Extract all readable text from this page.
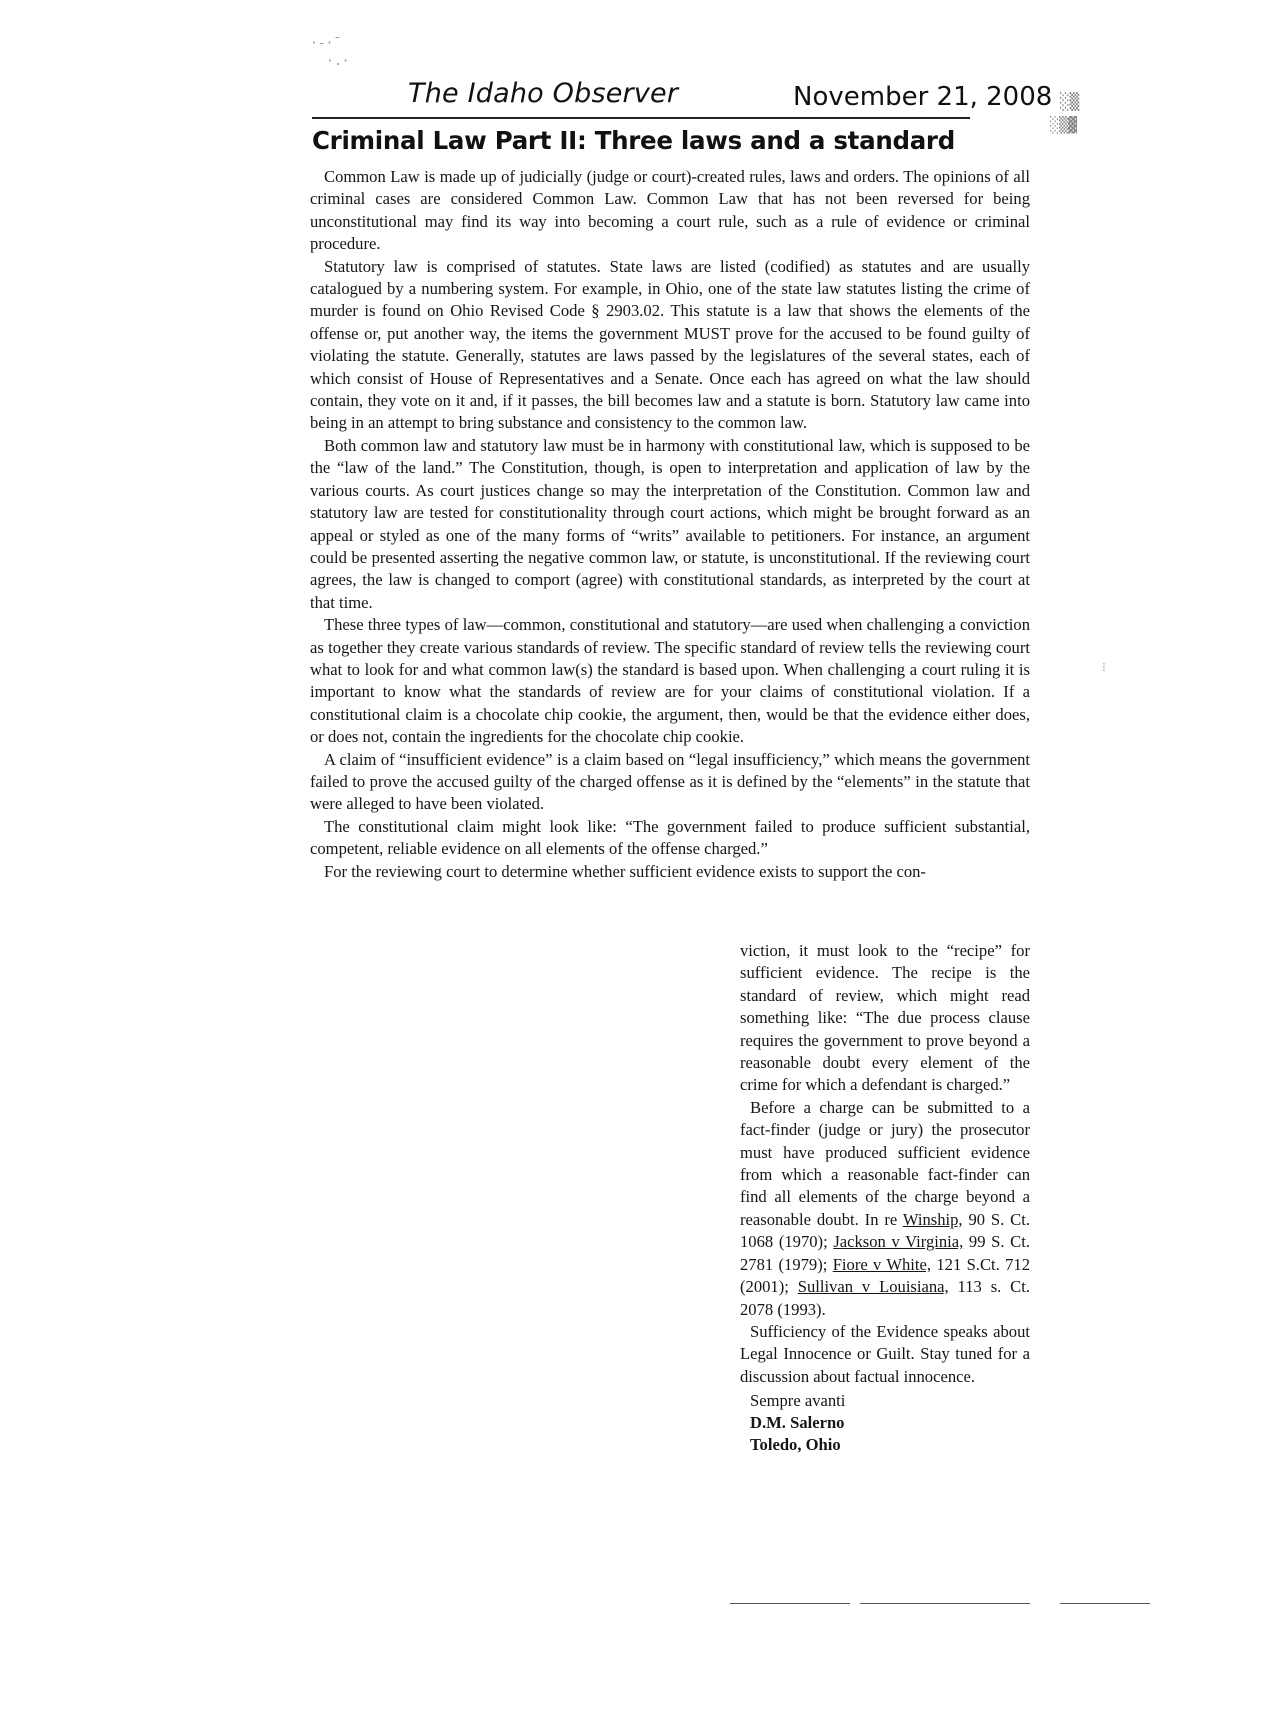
·‐·ˉ
·.·
░▒
░▒▓
⁝
The Idaho Observer	November 21, 2008
Criminal Law Part II: Three laws and a standard

Common Law is made up of judicially (judge or court)-created rules, laws and orders. The opinions of all criminal cases are considered Common Law. Common Law that has not been reversed for being unconstitutional may find its way into becoming a court rule, such as a rule of evidence or criminal procedure.

Statutory law is comprised of statutes. State laws are listed (codified) as statutes and are usually catalogued by a numbering system. For example, in Ohio, one of the state law statutes listing the crime of murder is found on Ohio Revised Code § 2903.02. This statute is a law that shows the elements of the offense or, put another way, the items the government MUST prove for the accused to be found guilty of violating the statute. Generally, statutes are laws passed by the legislatures of the several states, each of which consist of House of Representatives and a Senate. Once each has agreed on what the law should contain, they vote on it and, if it passes, the bill becomes law and a statute is born. Statutory law came into being in an attempt to bring substance and consistency to the common law.

Both common law and statutory law must be in harmony with constitutional law, which is supposed to be the “law of the land.” The Constitution, though, is open to interpretation and application of law by the various courts. As court justices change so may the interpretation of the Constitution. Common law and statutory law are tested for constitutionality through court actions, which might be brought forward as an appeal or styled as one of the many forms of “writs” available to petitioners. For instance, an argument could be presented asserting the negative common law, or statute, is unconstitutional. If the reviewing court agrees, the law is changed to comport (agree) with constitutional standards, as interpreted by the court at that time.

These three types of law—common, constitutional and statutory—are used when challenging a conviction as together they create various standards of review. The specific standard of review tells the reviewing court what to look for and what common law(s) the standard is based upon. When challenging a court ruling it is important to know what the standards of review are for your claims of constitutional violation. If a constitutional claim is a chocolate chip cookie, the argument, then, would be that the evidence either does, or does not, contain the ingredients for the chocolate chip cookie.

A claim of “insufficient evidence” is a claim based on “legal insufficiency,” which means the government failed to prove the accused guilty of the charged offense as it is defined by the “elements” in the statute that were alleged to have been violated.

The constitutional claim might look like: “The government failed to produce sufficient substantial, competent, reliable evidence on all elements of the offense charged.”

For the reviewing court to determine whether sufficient evidence exists to support the con-

viction, it must look to the “recipe” for sufficient evidence. The recipe is the standard of review, which might read something like: “The due process clause requires the government to prove beyond a reasonable doubt every element of the crime for which a defendant is charged.”

Before a charge can be submitted to a fact-finder (judge or jury) the prosecutor must have produced sufficient evidence from which a reasonable fact-finder can find all elements of the charge beyond a reasonable doubt. In re Winship, 90 S. Ct. 1068 (1970); Jackson v Virginia, 99 S. Ct. 2781 (1979); Fiore v White, 121 S.Ct. 712 (2001); Sullivan v Louisiana, 113 s. Ct. 2078 (1993).

Sufficiency of the Evidence speaks about Legal Innocence or Guilt. Stay tuned for a discussion about factual innocence.

Sempre avanti
D.M. Salerno
Toledo, Ohio
